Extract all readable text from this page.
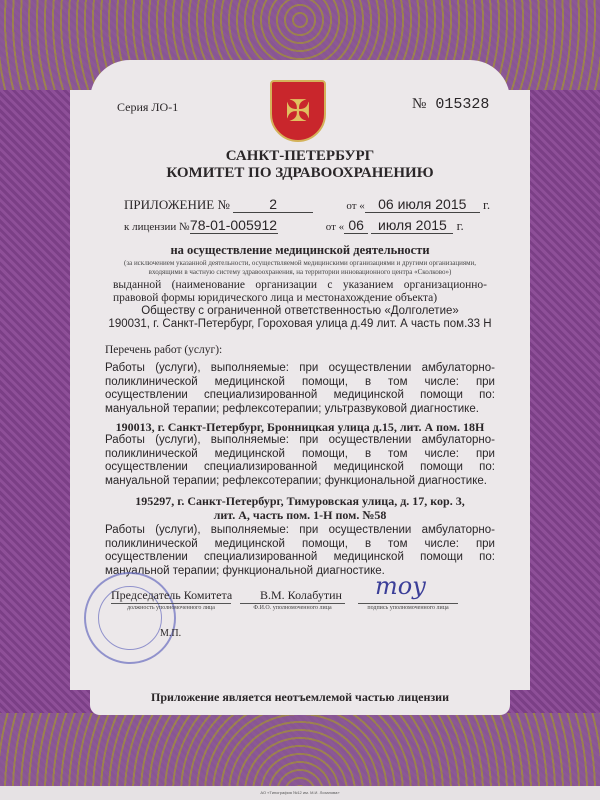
АО «Типография №12 им. М.И. Лоханова»
✠
Серия ЛО-1	№ 015328
САНКТ-ПЕТЕРБУРГ
КОМИТЕТ ПО ЗДРАВООХРАНЕНИЮ
ПРИЛОЖЕНИЕ №	2	от « 06 июля 2015 г.
к лицензии №78-01-005912	от « 06 июля 2015 г.
на осуществление медицинской деятельности
(за исключением указанной деятельности, осуществляемой медицинскими организациями и другими организациями, входящими в частную систему здравоохранения, на территории инновационного центра «Сколково»)
выданной (наименование организации с указанием организационно-правовой формы юридического лица и местонахождение объекта)
Обществу с ограниченной ответственностью «Долголетие»
190031, г. Санкт-Петербург, Гороховая улица д.49 лит. А часть пом.33 Н
Перечень работ (услуг):
Работы (услуги), выполняемые: при осуществлении амбулаторно-поликлинической медицинской помощи, в том числе: при осуществлении специализированной медицинской помощи по: мануальной терапии; рефлексотерапии; ультразвуковой диагностике.
190013, г. Санкт-Петербург, Бронницкая улица д.15, лит. А пом. 18Н
Работы (услуги), выполняемые: при осуществлении амбулаторно-поликлинической медицинской помощи, в том числе: при осуществлении специализированной медицинской помощи по: мануальной терапии; рефлексотерапии; функциональной диагностике.
195297, г. Санкт-Петербург, Тимуровская улица, д. 17, кор. 3, лит. А, часть пом. 1-Н пом. №58
Работы (услуги), выполняемые: при осуществлении амбулаторно-поликлинической медицинской помощи, в том числе: при осуществлении специализированной медицинской помощи по: мануальной терапии; функциональной диагностике.
Председатель Комитета
должность уполномоченного лица
В.М. Колабутин
Ф.И.О. уполномоченного лица
тоу
подпись уполномоченного лица
М.П.
Приложение является неотъемлемой частью лицензии
